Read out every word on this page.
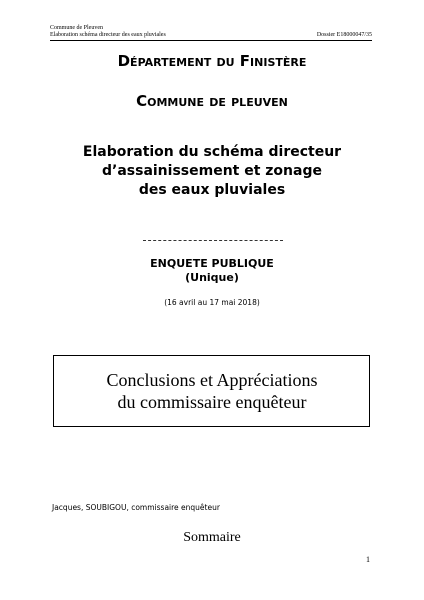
Commune de Pleuven
Elaboration schéma directeur des eaux pluviales	Dossier E18000047/35
Département du Finistère
Commune de pleuven
Elaboration du schéma directeur
d’assainissement et zonage
des eaux pluviales
ENQUETE PUBLIQUE
(Unique)
(16 avril au 17 mai 2018)
Conclusions et Appréciations
du commissaire enquêteur
Jacques, SOUBIGOU, commissaire enquêteur
Sommaire
1
